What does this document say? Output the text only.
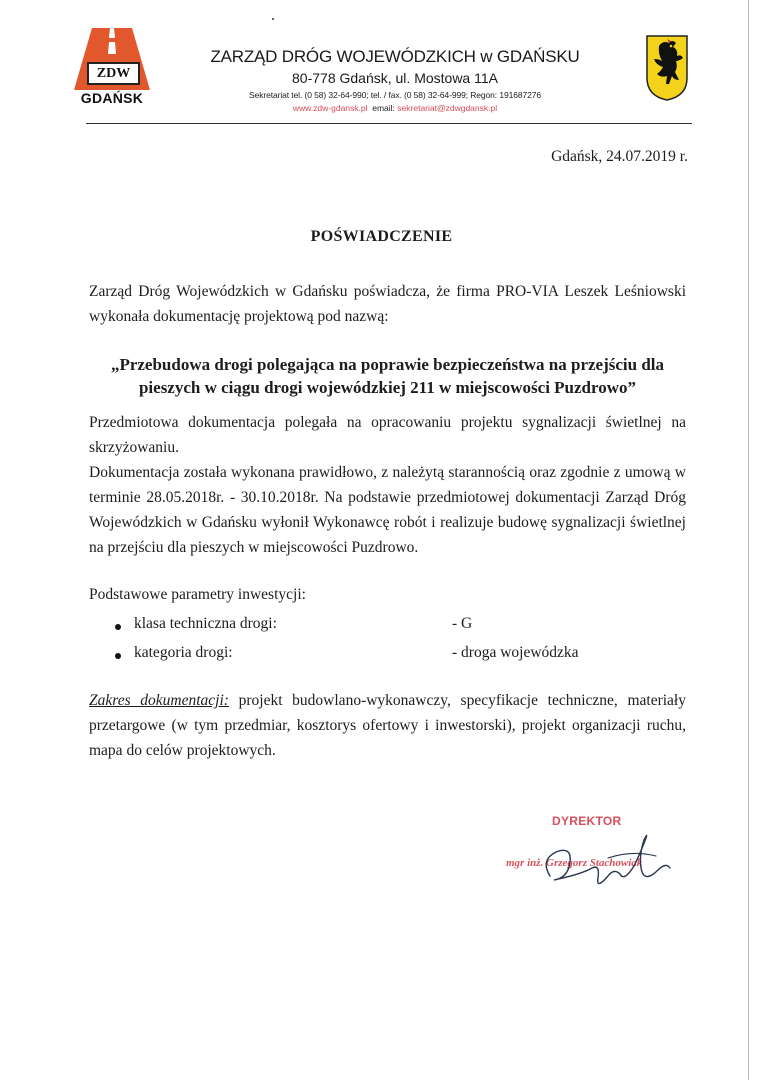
ZDW
GDAŃSK
ZARZĄD DRÓG WOJEWÓDZKICH w GDAŃSKU
80-778 Gdańsk, ul. Mostowa 11A
Sekretariat tel. (0 58) 32-64-990; tel. / fax. (0 58) 32-64-999; Regon: 191687276
www.zdw-gdansk.pl email: sekretariat@zdwgdansk.pl
Gdańsk, 24.07.2019 r.
POŚWIADCZENIE
Zarząd Dróg Wojewódzkich w Gdańsku poświadcza, że firma PRO-VIA Leszek Leśniowski wykonała dokumentację projektową pod nazwą:
„Przebudowa drogi polegająca na poprawie bezpieczeństwa na przejściu dla pieszych w ciągu drogi wojewódzkiej 211 w miejscowości Puzdrowo”
Przedmiotowa dokumentacja polegała na opracowaniu projektu sygnalizacji świetlnej na skrzyżowaniu.
Dokumentacja została wykonana prawidłowo, z należytą starannością oraz zgodnie z umową w terminie 28.05.2018r. - 30.10.2018r. Na podstawie przedmiotowej dokumentacji Zarząd Dróg Wojewódzkich w Gdańsku wyłonił Wykonawcę robót i realizuje budowę sygnalizacji świetlnej na przejściu dla pieszych w miejscowości Puzdrowo.
Podstawowe parametry inwestycji:
klasa techniczna drogi:	- G
kategoria drogi:	- droga wojewódzka
Zakres dokumentacji: projekt budowlano-wykonawczy, specyfikacje techniczne, materiały przetargowe (w tym przedmiar, kosztorys ofertowy i inwestorski), projekt organizacji ruchu, mapa do celów projektowych.
DYREKTOR
mgr inż. Grzegorz Stachowiak
